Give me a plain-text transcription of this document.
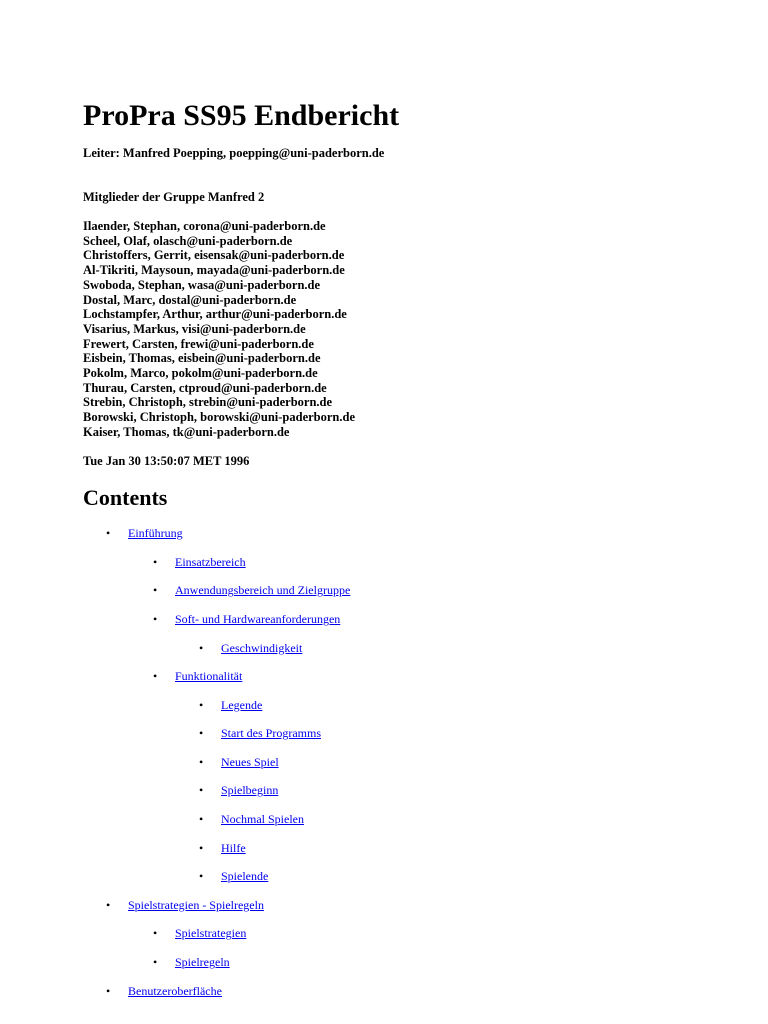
ProPra SS95 Endbericht
Leiter: Manfred Poepping, poepping@uni-paderborn.de
Mitglieder der Gruppe Manfred 2
Ilaender, Stephan, corona@uni-paderborn.de
Scheel, Olaf, olasch@uni-paderborn.de
Christoffers, Gerrit, eisensak@uni-paderborn.de
Al-Tikriti, Maysoun, mayada@uni-paderborn.de
Swoboda, Stephan, wasa@uni-paderborn.de
Dostal, Marc, dostal@uni-paderborn.de
Lochstampfer, Arthur, arthur@uni-paderborn.de
Visarius, Markus, visi@uni-paderborn.de
Frewert, Carsten, frewi@uni-paderborn.de
Eisbein, Thomas, eisbein@uni-paderborn.de
Pokolm, Marco, pokolm@uni-paderborn.de
Thurau, Carsten, ctproud@uni-paderborn.de
Strebin, Christoph, strebin@uni-paderborn.de
Borowski, Christoph, borowski@uni-paderborn.de
Kaiser, Thomas, tk@uni-paderborn.de
Tue Jan 30 13:50:07 MET 1996
Contents
• Einführung
• Einsatzbereich
• Anwendungsbereich und Zielgruppe
• Soft- und Hardwareanforderungen
• Geschwindigkeit
• Funktionalität
• Legende
• Start des Programms
• Neues Spiel
• Spielbeginn
• Nochmal Spielen
• Hilfe
• Spielende
• Spielstrategien - Spielregeln
• Spielstrategien
• Spielregeln
• Benutzeroberfläche
